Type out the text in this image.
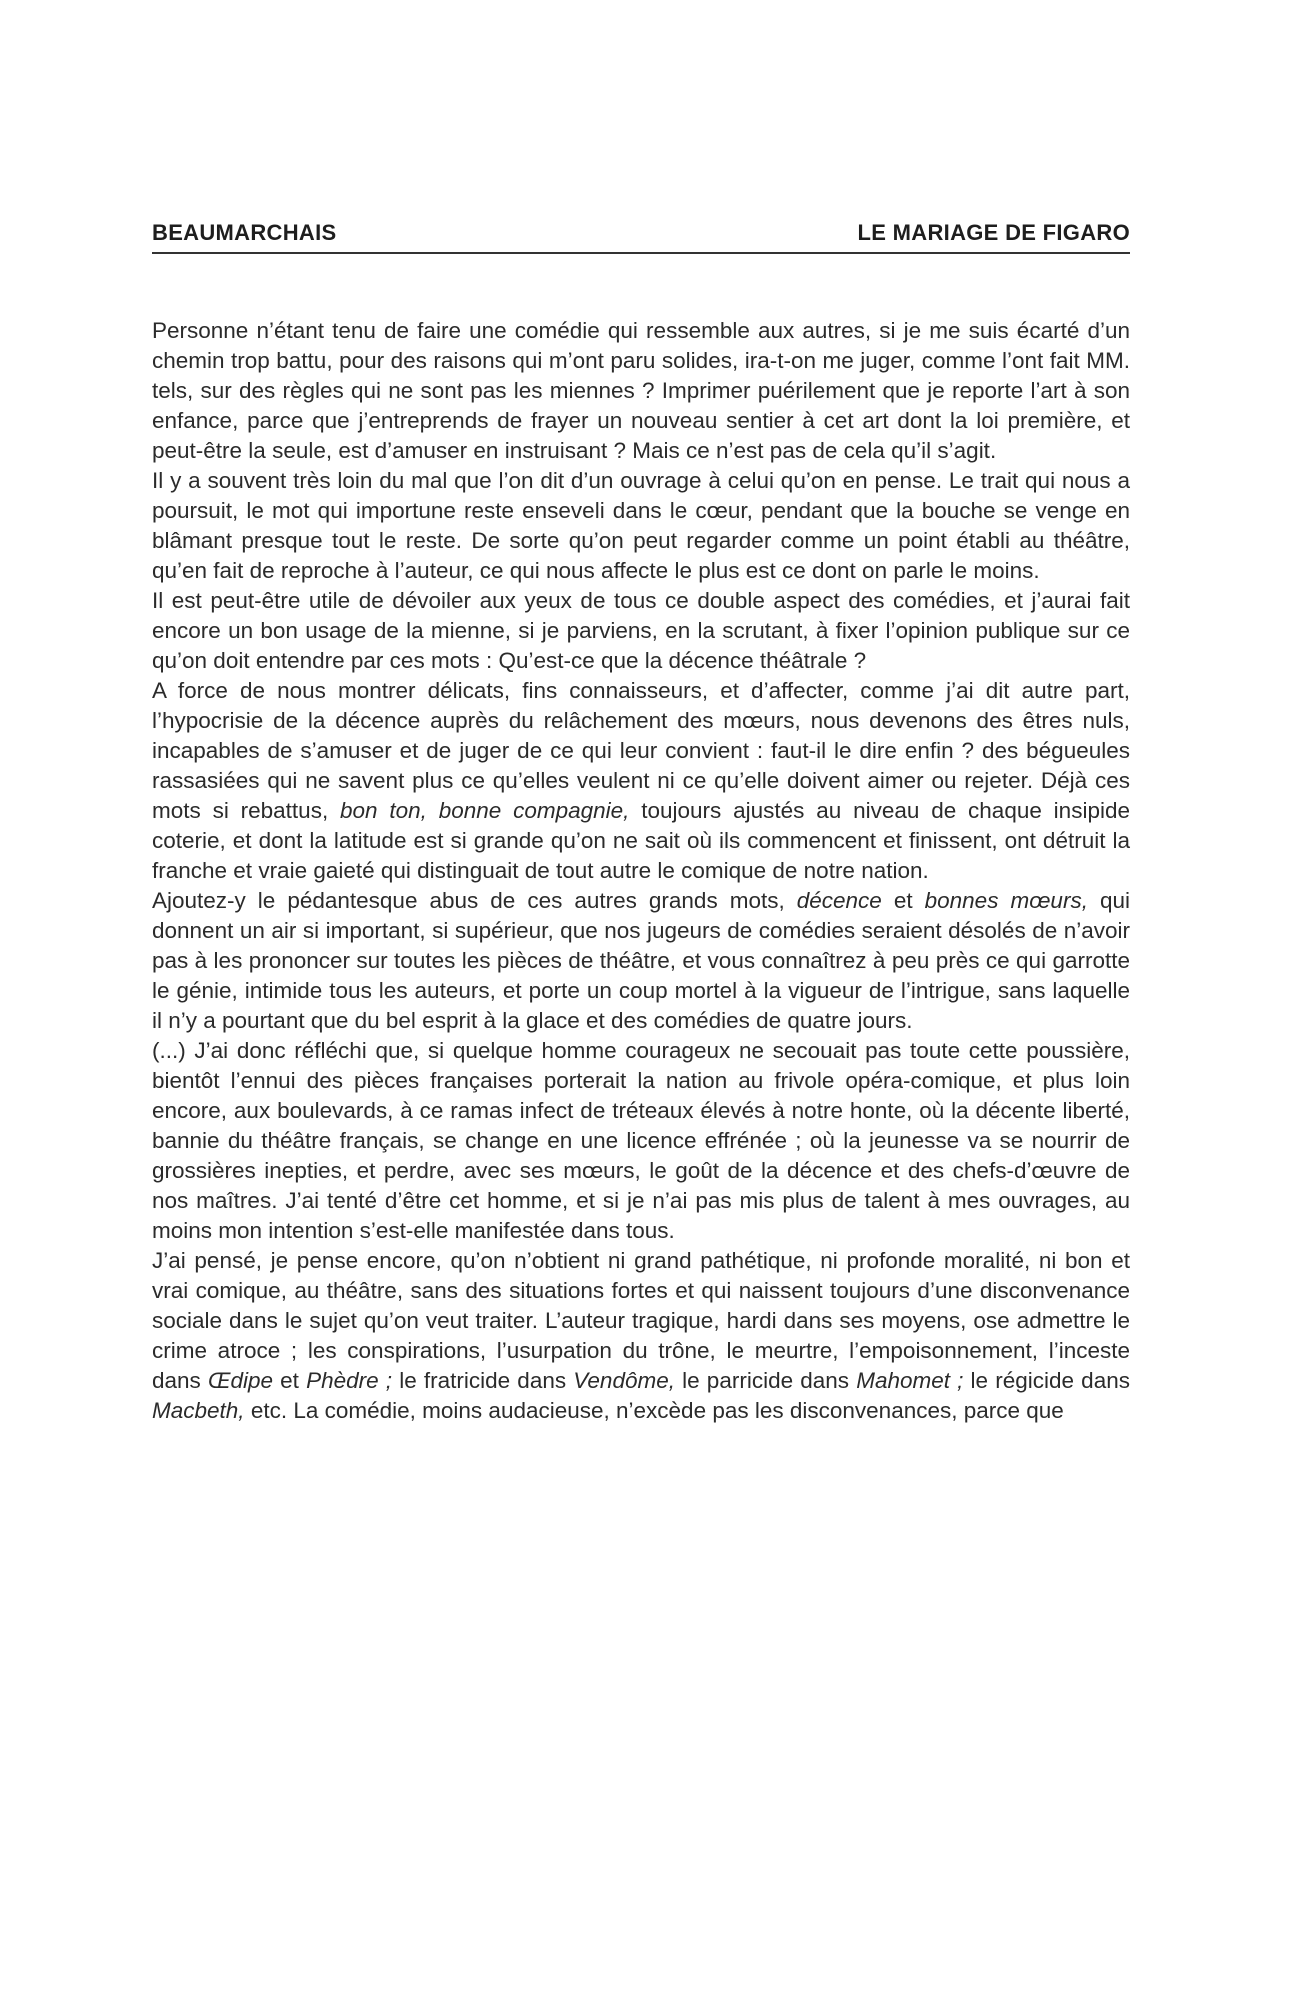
BEAUMARCHAIS	LE MARIAGE DE FIGARO

Personne n’étant tenu de faire une comédie qui ressemble aux autres, si je me suis écarté d’un chemin trop battu, pour des raisons qui m’ont paru solides, ira-t-on me juger, comme l’ont fait MM. tels, sur des règles qui ne sont pas les miennes ? Imprimer puérilement que je reporte l’art à son enfance, parce que j’entreprends de frayer un nouveau sentier à cet art dont la loi première, et peut-être la seule, est d’amuser en instruisant ? Mais ce n’est pas de cela qu’il s’agit.

Il y a souvent très loin du mal que l’on dit d’un ouvrage à celui qu’on en pense. Le trait qui nous a poursuit, le mot qui importune reste enseveli dans le cœur, pendant que la bouche se venge en blâmant presque tout le reste. De sorte qu’on peut regarder comme un point établi au théâtre, qu’en fait de reproche à l’auteur, ce qui nous affecte le plus est ce dont on parle le moins.

Il est peut-être utile de dévoiler aux yeux de tous ce double aspect des comédies, et j’aurai fait encore un bon usage de la mienne, si je parviens, en la scrutant, à fixer l’opinion publique sur ce qu’on doit entendre par ces mots : Qu’est-ce que la décence théâtrale ?

A force de nous montrer délicats, fins connaisseurs, et d’affecter, comme j’ai dit autre part, l’hypocrisie de la décence auprès du relâchement des mœurs, nous devenons des êtres nuls, incapables de s’amuser et de juger de ce qui leur convient : faut-il le dire enfin ? des bégueules rassasiées qui ne savent plus ce qu’elles veulent ni ce qu’elle doivent aimer ou rejeter. Déjà ces mots si rebattus, bon ton, bonne compagnie, toujours ajustés au niveau de chaque insipide coterie, et dont la latitude est si grande qu’on ne sait où ils commencent et finissent, ont détruit la franche et vraie gaieté qui distinguait de tout autre le comique de notre nation.

Ajoutez-y le pédantesque abus de ces autres grands mots, décence et bonnes mœurs, qui donnent un air si important, si supérieur, que nos jugeurs de comédies seraient désolés de n’avoir pas à les prononcer sur toutes les pièces de théâtre, et vous connaîtrez à peu près ce qui garrotte le génie, intimide tous les auteurs, et porte un coup mortel à la vigueur de l’intrigue, sans laquelle il n’y a pourtant que du bel esprit à la glace et des comédies de quatre jours.

(...) J’ai donc réfléchi que, si quelque homme courageux ne secouait pas toute cette poussière, bientôt l’ennui des pièces françaises porterait la nation au frivole opéra-comique, et plus loin encore, aux boulevards, à ce ramas infect de tréteaux élevés à notre honte, où la décente liberté, bannie du théâtre français, se change en une licence effrénée ; où la jeunesse va se nourrir de grossières inepties, et perdre, avec ses mœurs, le goût de la décence et des chefs-d’œuvre de nos maîtres. J’ai tenté d’être cet homme, et si je n’ai pas mis plus de talent à mes ouvrages, au moins mon intention s’est-elle manifestée dans tous.

J’ai pensé, je pense encore, qu’on n’obtient ni grand pathétique, ni profonde moralité, ni bon et vrai comique, au théâtre, sans des situations fortes et qui naissent toujours d’une disconvenance sociale dans le sujet qu’on veut traiter. L’auteur tragique, hardi dans ses moyens, ose admettre le crime atroce ; les conspirations, l’usurpation du trône, le meurtre, l’empoisonnement, l’inceste dans Œdipe et Phèdre ; le fratricide dans Vendôme, le parricide dans Mahomet ; le régicide dans Macbeth, etc. La comédie, moins audacieuse, n’excède pas les disconvenances, parce que
